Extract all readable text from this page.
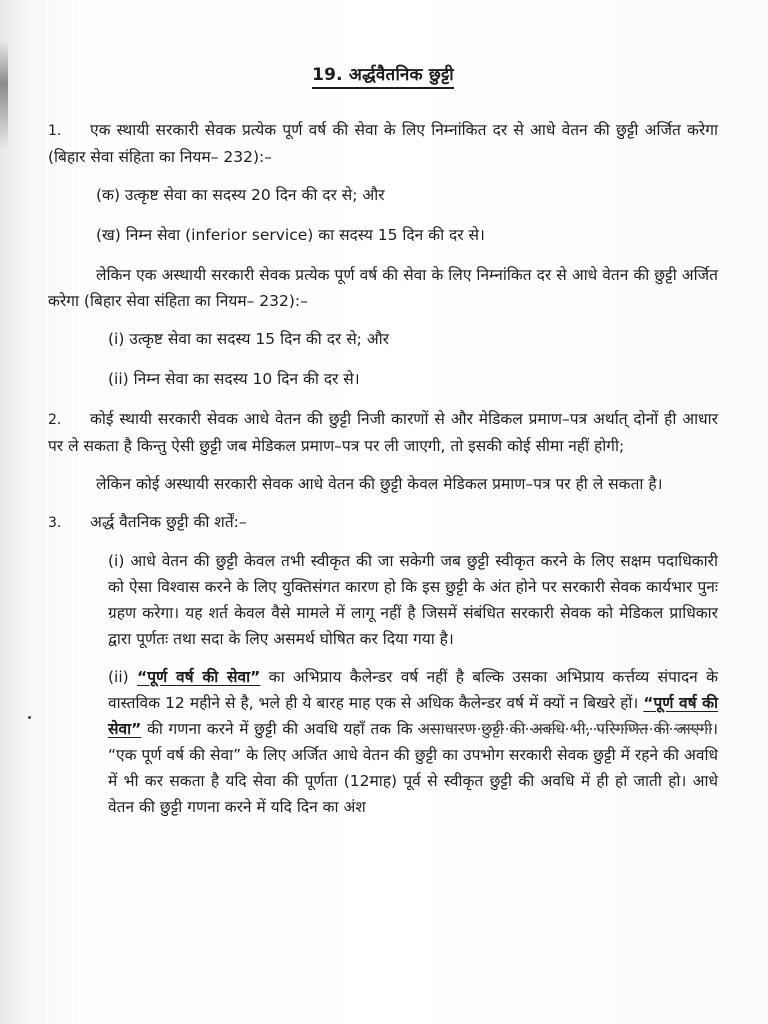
19. अर्द्धवैतनिक छुट्टी

1. एक स्थायी सरकारी सेवक प्रत्येक पूर्ण वर्ष की सेवा के लिए निम्नांकित दर से आधे वेतन की छुट्टी अर्जित करेगा (बिहार सेवा संहिता का नियम– 232):–

(क) उत्कृष्ट सेवा का सदस्य 20 दिन की दर से; और

(ख) निम्न सेवा (inferior service) का सदस्य 15 दिन की दर से।

लेकिन एक अस्थायी सरकारी सेवक प्रत्येक पूर्ण वर्ष की सेवा के लिए निम्नांकित दर से आधे वेतन की छुट्टी अर्जित करेगा (बिहार सेवा संहिता का नियम– 232):–

(i) उत्कृष्ट सेवा का सदस्य 15 दिन की दर से; और

(ii) निम्न सेवा का सदस्य 10 दिन की दर से।

2. कोई स्थायी सरकारी सेवक आधे वेतन की छुट्टी निजी कारणों से और मेडिकल प्रमाण–पत्र अर्थात् दोनों ही आधार पर ले सकता है किन्तु ऐसी छुट्टी जब मेडिकल प्रमाण–पत्र पर ली जाएगी, तो इसकी कोई सीमा नहीं होगी;

लेकिन कोई अस्थायी सरकारी सेवक आधे वेतन की छुट्टी केवल मेडिकल प्रमाण–पत्र पर ही ले सकता है।

3. अर्द्ध वैतनिक छुट्टी की शर्तें:–

(i) आधे वेतन की छुट्टी केवल तभी स्वीकृत की जा सकेगी जब छुट्टी स्वीकृत करने के लिए सक्षम पदाधिकारी को ऐसा विश्वास करने के लिए युक्तिसंगत कारण हो कि इस छुट्टी के अंत होने पर सरकारी सेवक कार्यभार पुनः ग्रहण करेगा। यह शर्त केवल वैसे मामले में लागू नहीं है जिसमें संबंधित सरकारी सेवक को मेडिकल प्राधिकार द्वारा पूर्णतः तथा सदा के लिए असमर्थ घोषित कर दिया गया है।

(ii) “पूर्ण वर्ष की सेवा” का अभिप्राय कैलेन्डर वर्ष नहीं है बल्कि उसका अभिप्राय कर्त्तव्य संपादन के वास्तविक 12 महीने से है, भले ही ये बारह माह एक से अधिक कैलेन्डर वर्ष में क्यों न बिखरे हों। “पूर्ण वर्ष की सेवा” की गणना करने में छुट्टी की अवधि यहाँ तक कि असाधारण छुट्टी की अवधि भी, परिगणित की जाएगी। “एक पूर्ण वर्ष की सेवा” के लिए अर्जित आधे वेतन की छुट्टी का उपभोग सरकारी सेवक छुट्टी में रहने की अवधि में भी कर सकता है यदि सेवा की पूर्णता (12माह) पूर्व से स्वीकृत छुट्टी की अवधि में ही हो जाती हो। आधे वेतन की छुट्टी गणना करने में यदि दिन का अंश
